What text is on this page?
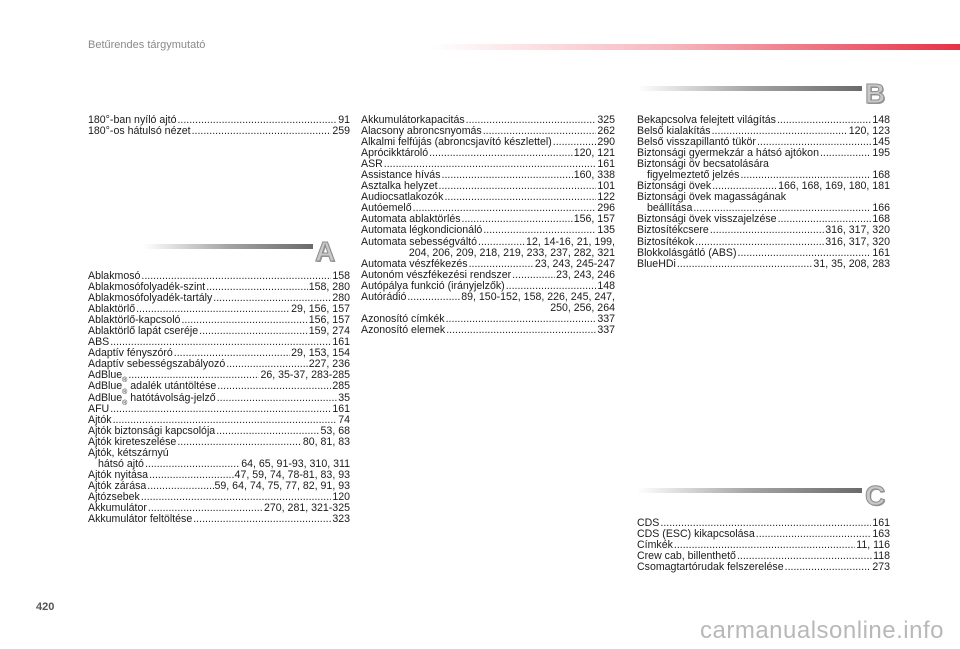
Betűrendes tárgymutató
180°-ban nyíló ajtó .....	91
180°-os hátulsó nézet .....	259
A
Ablakmosó .....	158
Ablakmosófolyadék-szint .....	158, 280
Ablakmosófolyadék-tartály .....	280
Ablaktörlő .....	29, 156, 157
Ablaktörlő-kapcsoló .....	156, 157
Ablaktörlő lapát cseréje .....	159, 274
ABS .....	161
Adaptív fényszóró .....	29, 153, 154
Adaptív sebességszabályozó .....	227, 236
AdBlue ® .....	26, 35-37, 283-285
AdBlue ® adalék utántöltése .....	285
AdBlue ® hatótávolság-jelző .....	35
AFU .....	161
Ajtók .....	74
Ajtók biztonsági kapcsolója .....	53, 68
Ajtók kireteszelése .....	80, 81, 83
Ajtók, kétszárnyú
hátsó ajtó .....	64, 65, 91-93, 310, 311
Ajtók nyitása .....	47, 59, 74, 78-81, 83, 93
Ajtók zárása .....	59, 64, 74, 75, 77, 82, 91, 93
Ajtózsebek .....	120
Akkumulátor .....	270, 281, 321-325
Akkumulátor feltöltése .....	323
Akkumulátorkapacitás .....	325
Alacsony abroncsnyomás .....	262
Alkalmi felfújás (abroncsjavító készlettel) .....	290
Aprócikktároló .....	120, 121
ASR .....	161
Assistance hívás .....	160, 338
Asztalka helyzet .....	101
Audiocsatlakozók .....	122
Autóemelő .....	296
Automata ablaktörlés .....	156, 157
Automata légkondicionáló .....	135
Automata sebességváltó .....	12, 14-16, 21, 199,
204, 206, 209, 218, 219, 233, 237, 282, 321
Automata vészfékezés .....	23, 243, 245-247
Autonóm vészfékezési rendszer .....	23, 243, 246
Autópálya funkció (irányjelzők) .....	148
Autórádió .....	89, 150-152, 158, 226, 245, 247,
250, 256, 264
Azonosító címkék .....	337
Azonosító elemek .....	337
B
Bekapcsolva felejtett világítás .....	148
Belső kialakítás .....	120, 123
Belső visszapillantó tükör .....	145
Biztonsági gyermekzár a hátsó ajtókon .....	195
Biztonsági öv becsatolására
figyelmeztető jelzés .....	168
Biztonsági övek .....	166, 168, 169, 180, 181
Biztonsági övek magasságának
beállítása .....	166
Biztonsági övek visszajelzése .....	168
Biztosítékcsere .....	316, 317, 320
Biztosítékok .....	316, 317, 320
Blokkolásgátló (ABS) .....	161
BlueHDi .....	31, 35, 208, 283
C
CDS .....	161
CDS (ESC) kikapcsolása .....	163
Címkék .....	11, 116
Crew cab, billenthető .....	118
Csomagtartórudak felszerelése .....	273
420
carmanualsonline.info
